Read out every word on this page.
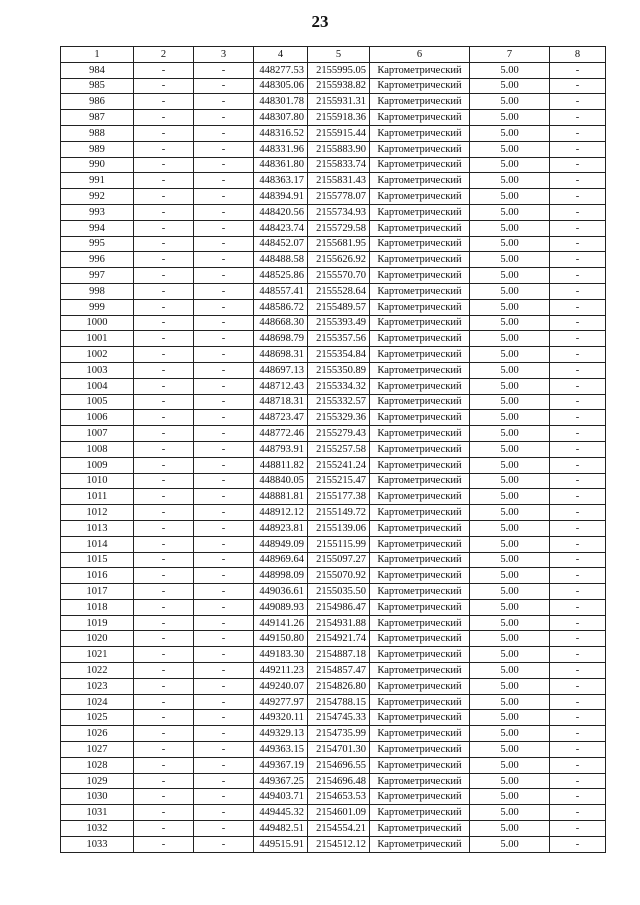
23
1	2	3	4	5	6	7	8
984	-	-	448277.53	2155995.05	Картометрический	5.00	-
985	-	-	448305.06	2155938.82	Картометрический	5.00	-
986	-	-	448301.78	2155931.31	Картометрический	5.00	-
987	-	-	448307.80	2155918.36	Картометрический	5.00	-
988	-	-	448316.52	2155915.44	Картометрический	5.00	-
989	-	-	448331.96	2155883.90	Картометрический	5.00	-
990	-	-	448361.80	2155833.74	Картометрический	5.00	-
991	-	-	448363.17	2155831.43	Картометрический	5.00	-
992	-	-	448394.91	2155778.07	Картометрический	5.00	-
993	-	-	448420.56	2155734.93	Картометрический	5.00	-
994	-	-	448423.74	2155729.58	Картометрический	5.00	-
995	-	-	448452.07	2155681.95	Картометрический	5.00	-
996	-	-	448488.58	2155626.92	Картометрический	5.00	-
997	-	-	448525.86	2155570.70	Картометрический	5.00	-
998	-	-	448557.41	2155528.64	Картометрический	5.00	-
999	-	-	448586.72	2155489.57	Картометрический	5.00	-
1000	-	-	448668.30	2155393.49	Картометрический	5.00	-
1001	-	-	448698.79	2155357.56	Картометрический	5.00	-
1002	-	-	448698.31	2155354.84	Картометрический	5.00	-
1003	-	-	448697.13	2155350.89	Картометрический	5.00	-
1004	-	-	448712.43	2155334.32	Картометрический	5.00	-
1005	-	-	448718.31	2155332.57	Картометрический	5.00	-
1006	-	-	448723.47	2155329.36	Картометрический	5.00	-
1007	-	-	448772.46	2155279.43	Картометрический	5.00	-
1008	-	-	448793.91	2155257.58	Картометрический	5.00	-
1009	-	-	448811.82	2155241.24	Картометрический	5.00	-
1010	-	-	448840.05	2155215.47	Картометрический	5.00	-
1011	-	-	448881.81	2155177.38	Картометрический	5.00	-
1012	-	-	448912.12	2155149.72	Картометрический	5.00	-
1013	-	-	448923.81	2155139.06	Картометрический	5.00	-
1014	-	-	448949.09	2155115.99	Картометрический	5.00	-
1015	-	-	448969.64	2155097.27	Картометрический	5.00	-
1016	-	-	448998.09	2155070.92	Картометрический	5.00	-
1017	-	-	449036.61	2155035.50	Картометрический	5.00	-
1018	-	-	449089.93	2154986.47	Картометрический	5.00	-
1019	-	-	449141.26	2154931.88	Картометрический	5.00	-
1020	-	-	449150.80	2154921.74	Картометрический	5.00	-
1021	-	-	449183.30	2154887.18	Картометрический	5.00	-
1022	-	-	449211.23	2154857.47	Картометрический	5.00	-
1023	-	-	449240.07	2154826.80	Картометрический	5.00	-
1024	-	-	449277.97	2154788.15	Картометрический	5.00	-
1025	-	-	449320.11	2154745.33	Картометрический	5.00	-
1026	-	-	449329.13	2154735.99	Картометрический	5.00	-
1027	-	-	449363.15	2154701.30	Картометрический	5.00	-
1028	-	-	449367.19	2154696.55	Картометрический	5.00	-
1029	-	-	449367.25	2154696.48	Картометрический	5.00	-
1030	-	-	449403.71	2154653.53	Картометрический	5.00	-
1031	-	-	449445.32	2154601.09	Картометрический	5.00	-
1032	-	-	449482.51	2154554.21	Картометрический	5.00	-
1033	-	-	449515.91	2154512.12	Картометрический	5.00	-
